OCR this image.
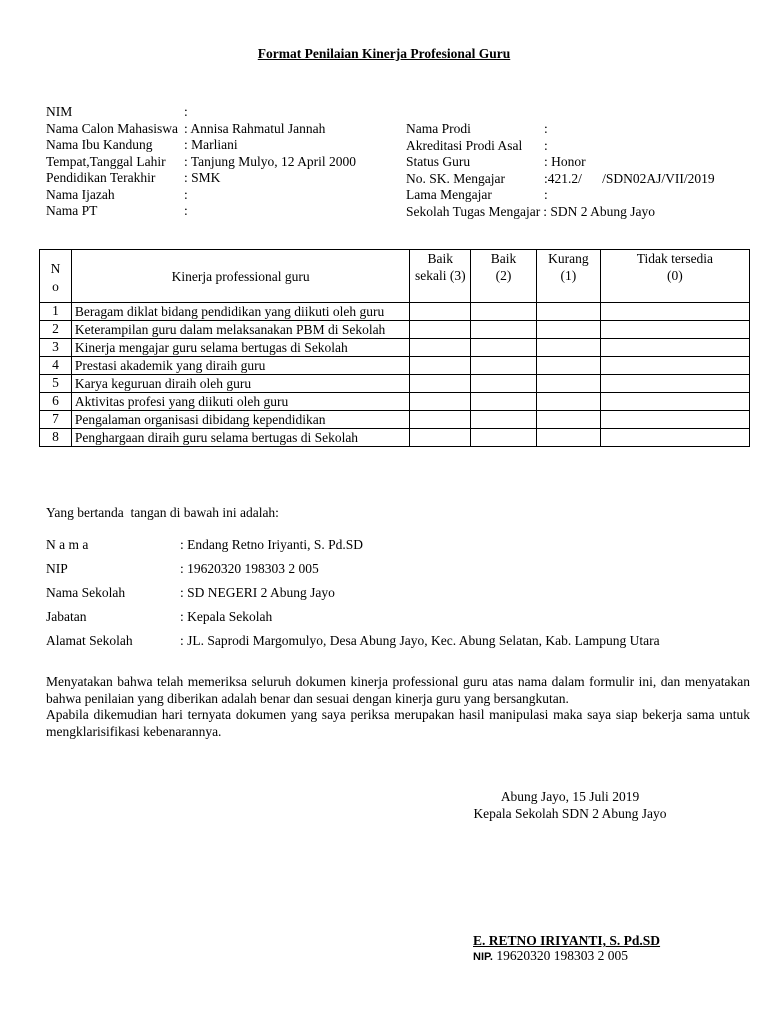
Format Penilaian Kinerja Profesional Guru
NIM	:
Nama Calon Mahasiswa : Annisa Rahmatul Jannah
Nama Ibu Kandung	: Marliani
Tempat,Tanggal Lahir	: Tanjung Mulyo, 12 April 2000
Pendidikan Terakhir	: SMK
Nama Ijazah	:
Nama PT	:
Nama Prodi	:
Akreditasi Prodi Asal	:
Status Guru	: Honor
No. SK. Mengajar	:421.2/      /SDN02AJ/VII/2019
Lama Mengajar	:
Sekolah Tugas Mengajar : SDN 2 Abung Jayo
N o	Kinerja professional guru	Baik sekali (3)	Baik (2)	Kurang (1)	Tidak tersedia (0)
1	Beragam diklat bidang pendidikan yang diikuti oleh guru				
2	Keterampilan guru dalam melaksanakan PBM di Sekolah				
3	Kinerja mengajar guru selama bertugas di Sekolah				
4	Prestasi akademik yang diraih guru				
5	Karya keguruan diraih oleh guru				
6	Aktivitas profesi yang diikuti oleh guru				
7	Pengalaman organisasi dibidang kependidikan				
8	Penghargaan diraih guru selama bertugas di Sekolah				
Yang bertanda  tangan di bawah ini adalah:
N a m a	: Endang Retno Iriyanti, S. Pd.SD
NIP	: 19620320 198303 2 005
Nama Sekolah	: SD NEGERI 2 Abung Jayo
Jabatan	: Kepala Sekolah
Alamat Sekolah	: JL. Saprodi Margomulyo, Desa Abung Jayo, Kec. Abung Selatan, Kab. Lampung Utara

Menyatakan bahwa telah memeriksa seluruh dokumen kinerja professional guru atas nama dalam formulir ini, dan menyatakan bahwa penilaian yang diberikan adalah benar dan sesuai dengan kinerja guru yang bersangkutan.

Apabila dikemudian hari ternyata dokumen yang saya periksa merupakan hasil manipulasi maka saya siap bekerja sama untuk mengklarisifikasi kebenarannya.

Abung Jayo, 15 Juli 2019
Kepala Sekolah SDN 2 Abung Jayo
E. RETNO IRIYANTI, S. Pd.SD
NIP. 19620320 198303 2 005
